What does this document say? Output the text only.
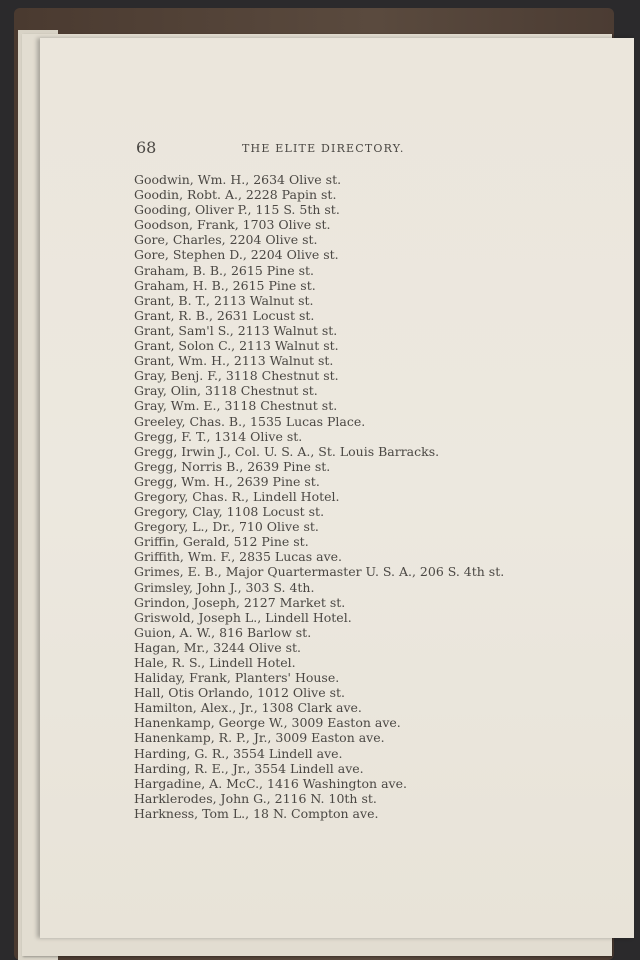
68	THE ELITE DIRECTORY.
Goodwin, Wm. H., 2634 Olive st.
Goodin, Robt. A., 2228 Papin st.
Gooding, Oliver P., 115 S. 5th st.
Goodson, Frank, 1703 Olive st.
Gore, Charles, 2204 Olive st.
Gore, Stephen D., 2204 Olive st.
Graham, B. B., 2615 Pine st.
Graham, H. B., 2615 Pine st.
Grant, B. T., 2113 Walnut st.
Grant, R. B., 2631 Locust st.
Grant, Sam'l S., 2113 Walnut st.
Grant, Solon C., 2113 Walnut st.
Grant, Wm. H., 2113 Walnut st.
Gray, Benj. F., 3118 Chestnut st.
Gray, Olin, 3118 Chestnut st.
Gray, Wm. E., 3118 Chestnut st.
Greeley, Chas. B., 1535 Lucas Place.
Gregg, F. T., 1314 Olive st.
Gregg, Irwin J., Col. U. S. A., St. Louis Barracks.
Gregg, Norris B., 2639 Pine st.
Gregg, Wm. H., 2639 Pine st.
Gregory, Chas. R., Lindell Hotel.
Gregory, Clay, 1108 Locust st.
Gregory, L., Dr., 710 Olive st.
Griffin, Gerald, 512 Pine st.
Griffith, Wm. F., 2835 Lucas ave.
Grimes, E. B., Major Quartermaster U. S. A., 206 S. 4th st.
Grimsley, John J., 303 S. 4th.
Grindon, Joseph, 2127 Market st.
Griswold, Joseph L., Lindell Hotel.
Guion, A. W., 816 Barlow st.
Hagan, Mr., 3244 Olive st.
Hale, R. S., Lindell Hotel.
Haliday, Frank, Planters' House.
Hall, Otis Orlando, 1012 Olive st.
Hamilton, Alex., Jr., 1308 Clark ave.
Hanenkamp, George W., 3009 Easton ave.
Hanenkamp, R. P., Jr., 3009 Easton ave.
Harding, G. R., 3554 Lindell ave.
Harding, R. E., Jr., 3554 Lindell ave.
Hargadine, A. McC., 1416 Washington ave.
Harklerodes, John G., 2116 N. 10th st.
Harkness, Tom L., 18 N. Compton ave.
